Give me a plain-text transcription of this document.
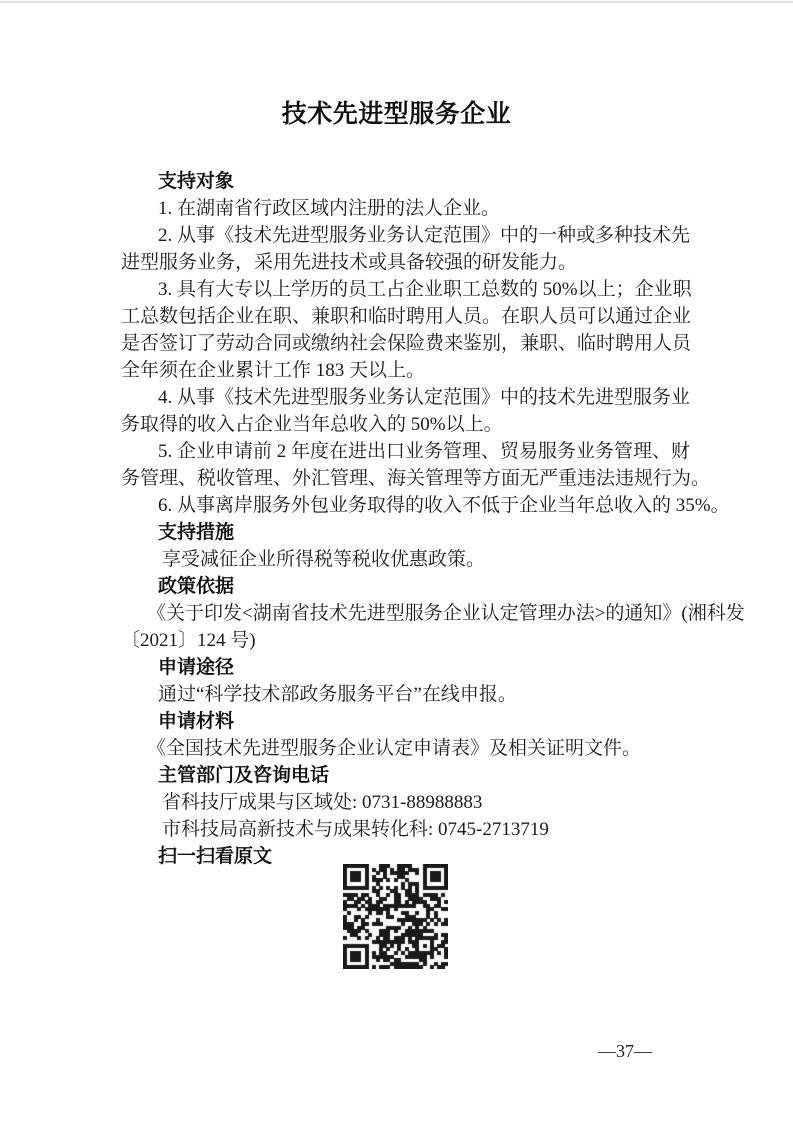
技术先进型服务企业
支持对象
1. 在湖南省行政区域内注册的法人企业。
2. 从事《技术先进型服务业务认定范围》中的一种或多种技术先
进型服务业务，采用先进技术或具备较强的研发能力。
3. 具有大专以上学历的员工占企业职工总数的 50%以上；企业职
工总数包括企业在职、兼职和临时聘用人员。在职人员可以通过企业
是否签订了劳动合同或缴纳社会保险费来鉴别，兼职、临时聘用人员
全年须在企业累计工作 183 天以上。
4. 从事《技术先进型服务业务认定范围》中的技术先进型服务业
务取得的收入占企业当年总收入的 50%以上。
5. 企业申请前 2 年度在进出口业务管理、贸易服务业务管理、财
务管理、税收管理、外汇管理、海关管理等方面无严重违法违规行为。
6. 从事离岸服务外包业务取得的收入不低于企业当年总收入的 35%。
支持措施
享受减征企业所得税等税收优惠政策。
政策依据
《关于印发<湖南省技术先进型服务企业认定管理办法>的通知》(湘科发
〔2021〕124 号)
申请途径
通过“科学技术部政务服务平台”在线申报。
申请材料
《全国技术先进型服务企业认定申请表》及相关证明文件。
主管部门及咨询电话
省科技厅成果与区域处: 0731-88988883
市科技局高新技术与成果转化科: 0745-2713719
扫一扫看原文
—37—
